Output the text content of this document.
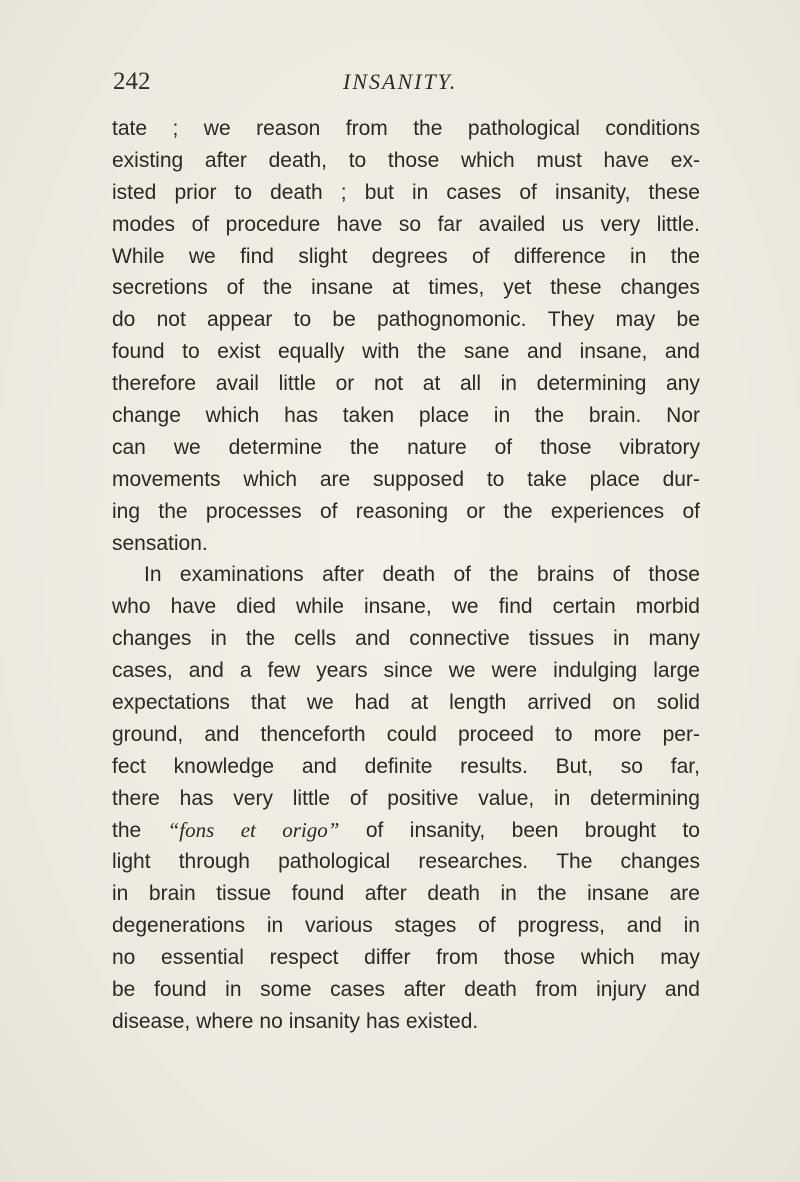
242	INSANITY.
tate ; we reason from the pathological conditions
existing after death, to those which must have ex-
isted prior to death ; but in cases of insanity, these
modes of procedure have so far availed us very little.
While we find slight degrees of difference in the
secretions of the insane at times, yet these changes
do not appear to be pathognomonic. They may be
found to exist equally with the sane and insane, and
therefore avail little or not at all in determining any
change which has taken place in the brain. Nor
can we determine the nature of those vibratory
movements which are supposed to take place dur-
ing the processes of reasoning or the experiences of
sensation.
In examinations after death of the brains of those
who have died while insane, we find certain morbid
changes in the cells and connective tissues in many
cases, and a few years since we were indulging large
expectations that we had at length arrived on solid
ground, and thenceforth could proceed to more per-
fect knowledge and definite results. But, so far,
there has very little of positive value, in determining
the “fons et origo” of insanity, been brought to
light through pathological researches. The changes
in brain tissue found after death in the insane are
degenerations in various stages of progress, and in
no essential respect differ from those which may
be found in some cases after death from injury and
disease, where no insanity has existed.
